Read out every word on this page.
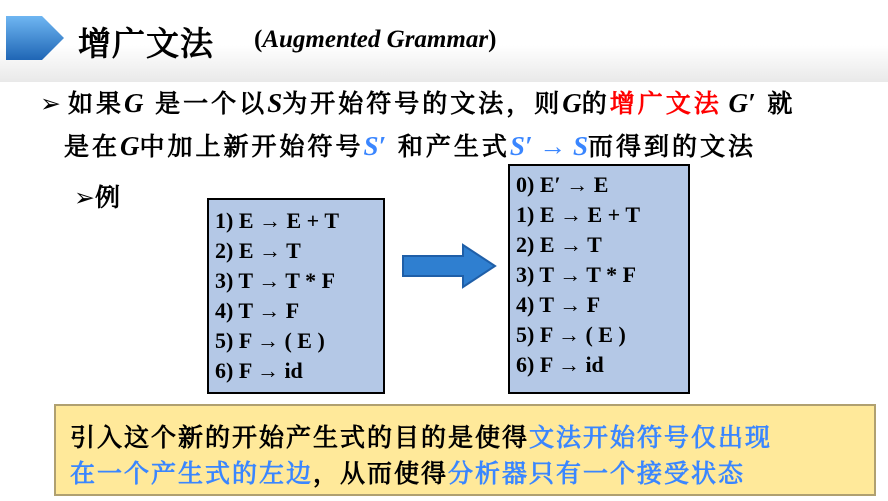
增广文法 (Augmented Grammar)
➢ 如果G 是一个以S为开始符号的文法，则G的增广文法 G′ 就
是在G中加上新开始符号S′ 和产生式S′ → S而得到的文法
➢例
1) E → E + T
2) E → T
3) T → T * F
4) T → F
5) F → ( E )
6) F → id
0) E′ → E
1) E → E + T
2) E → T
3) T → T * F
4) T → F
5) F → ( E )
6) F → id
引入这个新的开始产生式的目的是使得文法开始符号仅出现
在一个产生式的左边，从而使得分析器只有一个接受状态
